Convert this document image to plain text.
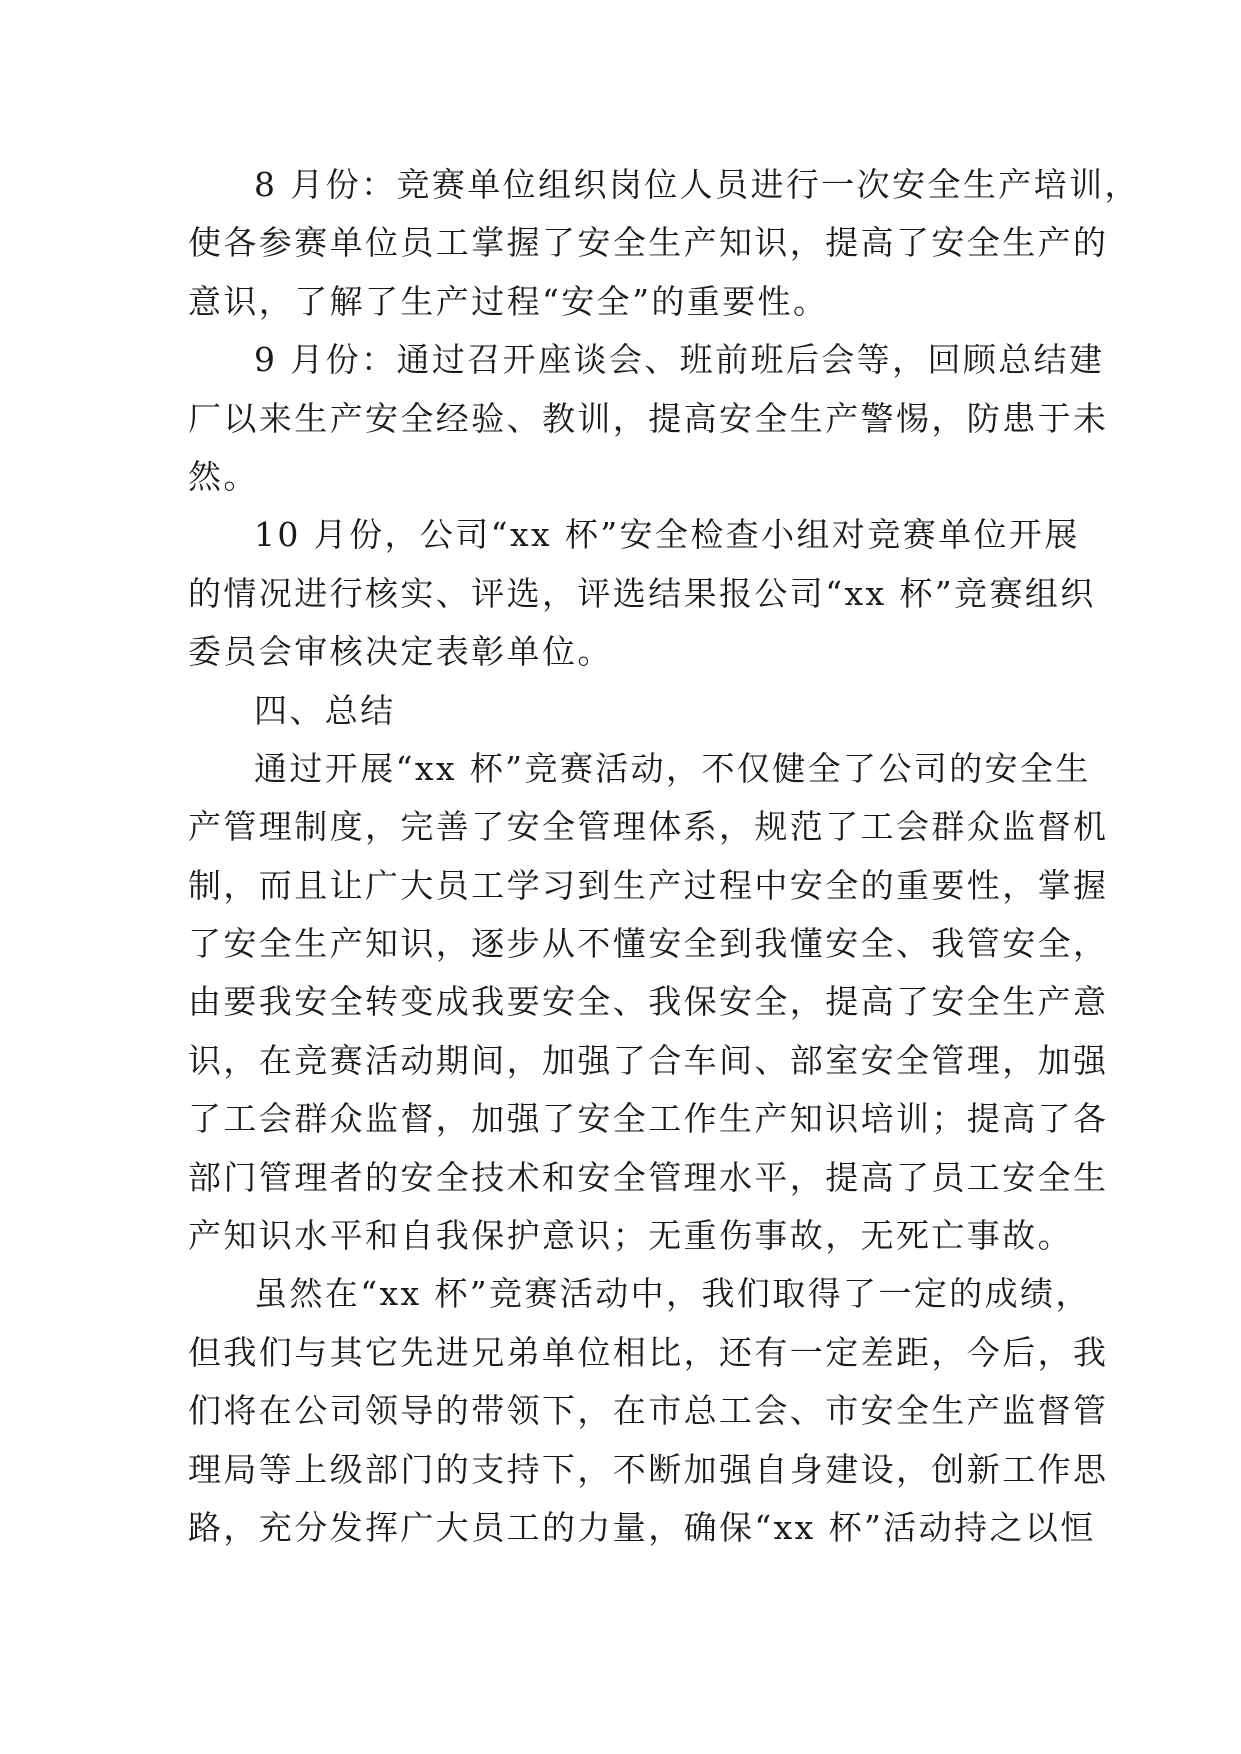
8 月份：竞赛单位组织岗位人员进行一次安全生产培训，
使各参赛单位员工掌握了安全生产知识，提高了安全生产的
意识，了解了生产过程“安全”的重要性。
9 月份：通过召开座谈会、班前班后会等，回顾总结建
厂以来生产安全经验、教训，提高安全生产警惕，防患于未
然。
10 月份，公司“xx 杯”安全检查小组对竞赛单位开展
的情况进行核实、评选，评选结果报公司“xx 杯”竞赛组织
委员会审核决定表彰单位。
四、总结
通过开展“xx 杯”竞赛活动，不仅健全了公司的安全生
产管理制度，完善了安全管理体系，规范了工会群众监督机
制，而且让广大员工学习到生产过程中安全的重要性，掌握
了安全生产知识，逐步从不懂安全到我懂安全、我管安全，
由要我安全转变成我要安全、我保安全，提高了安全生产意
识，在竞赛活动期间，加强了合车间、部室安全管理，加强
了工会群众监督，加强了安全工作生产知识培训；提高了各
部门管理者的安全技术和安全管理水平，提高了员工安全生
产知识水平和自我保护意识；无重伤事故，无死亡事故。
虽然在“xx 杯”竞赛活动中，我们取得了一定的成绩，
但我们与其它先进兄弟单位相比，还有一定差距，今后，我
们将在公司领导的带领下，在市总工会、市安全生产监督管
理局等上级部门的支持下，不断加强自身建设，创新工作思
路，充分发挥广大员工的力量，确保“xx 杯”活动持之以恒
